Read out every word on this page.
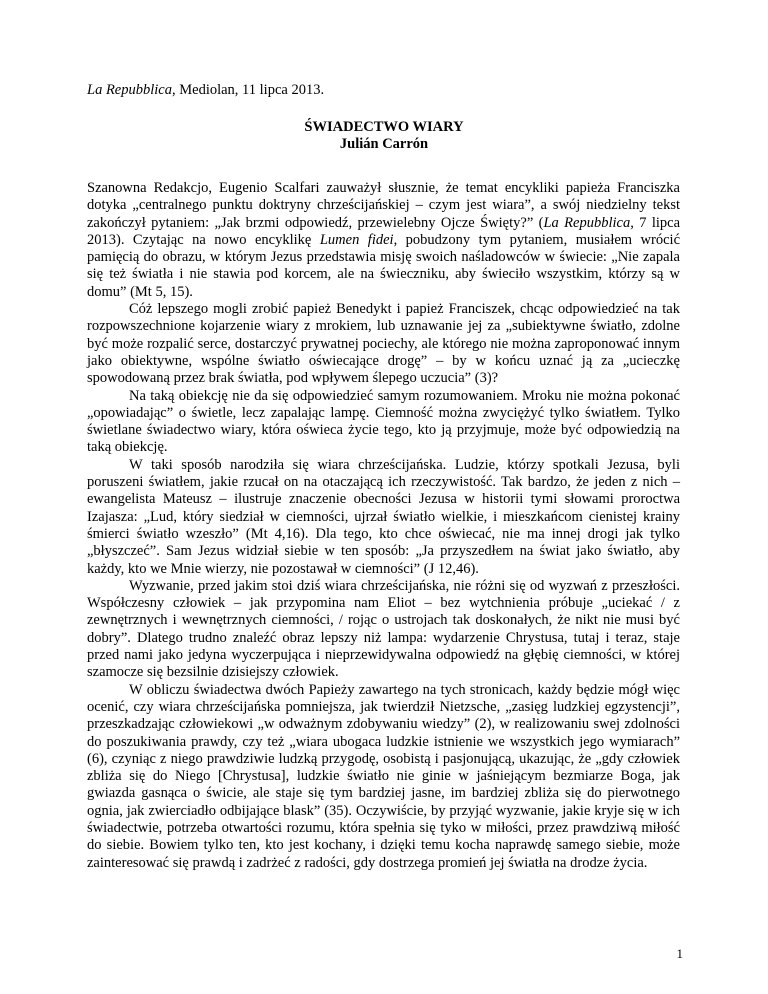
La Repubblica, Mediolan, 11 lipca 2013.
ŚWIADECTWO WIARY
Julián Carrón

Szanowna Redakcjo, Eugenio Scalfari zauważył słusznie, że temat encykliki papieża Franciszka dotyka „centralnego punktu doktryny chrześcijańskiej – czym jest wiara”, a swój niedzielny tekst zakończył pytaniem: „Jak brzmi odpowiedź, przewielebny Ojcze Święty?” (La Repubblica, 7 lipca 2013). Czytając na nowo encyklikę Lumen fidei, pobudzony tym pytaniem, musiałem wrócić pamięcią do obrazu, w którym Jezus przedstawia misję swoich naśladowców w świecie: „Nie zapala się też światła i nie stawia pod korcem, ale na świeczniku, aby świeciło wszystkim, którzy są w domu” (Mt 5, 15).

Cóż lepszego mogli zrobić papież Benedykt i papież Franciszek, chcąc odpowiedzieć na tak rozpowszechnione kojarzenie wiary z mrokiem, lub uznawanie jej za „subiektywne światło, zdolne być może rozpalić serce, dostarczyć prywatnej pociechy, ale którego nie można zaproponować innym jako obiektywne, wspólne światło oświecające drogę” – by w końcu uznać ją za „ucieczkę spowodowaną przez brak światła, pod wpływem ślepego uczucia” (3)?

Na taką obiekcję nie da się odpowiedzieć samym rozumowaniem. Mroku nie można pokonać „opowiadając” o świetle, lecz zapalając lampę. Ciemność można zwyciężyć tylko światłem. Tylko świetlane świadectwo wiary, która oświeca życie tego, kto ją przyjmuje, może być odpowiedzią na taką obiekcję.

W taki sposób narodziła się wiara chrześcijańska. Ludzie, którzy spotkali Jezusa, byli poruszeni światłem, jakie rzucał on na otaczającą ich rzeczywistość. Tak bardzo, że jeden z nich – ewangelista Mateusz – ilustruje znaczenie obecności Jezusa w historii tymi słowami proroctwa Izajasza: „Lud, który siedział w ciemności, ujrzał światło wielkie, i mieszkańcom cienistej krainy śmierci światło wzeszło” (Mt 4,16). Dla tego, kto chce oświecać, nie ma innej drogi jak tylko „błyszczeć”. Sam Jezus widział siebie w ten sposób: „Ja przyszedłem na świat jako światło, aby każdy, kto we Mnie wierzy, nie pozostawał w ciemności” (J 12,46).

Wyzwanie, przed jakim stoi dziś wiara chrześcijańska, nie różni się od wyzwań z przeszłości. Współczesny człowiek – jak przypomina nam Eliot – bez wytchnienia próbuje „uciekać / z zewnętrznych i wewnętrznych ciemności, / rojąc o ustrojach tak doskonałych, że nikt nie musi być dobry”. Dlatego trudno znaleźć obraz lepszy niż lampa: wydarzenie Chrystusa, tutaj i teraz, staje przed nami jako jedyna wyczerpująca i nieprzewidywalna odpowiedź na głębię ciemności, w której szamocze się bezsilnie dzisiejszy człowiek.

W obliczu świadectwa dwóch Papieży zawartego na tych stronicach, każdy będzie mógł więc ocenić, czy wiara chrześcijańska pomniejsza, jak twierdził Nietzsche, „zasięg ludzkiej egzystencji”, przeszkadzając człowiekowi „w odważnym zdobywaniu wiedzy” (2), w realizowaniu swej zdolności do poszukiwania prawdy, czy też „wiara ubogaca ludzkie istnienie we wszystkich jego wymiarach” (6), czyniąc z niego prawdziwie ludzką przygodę, osobistą i pasjonującą, ukazując, że „gdy człowiek zbliża się do Niego [Chrystusa], ludzkie światło nie ginie w jaśniejącym bezmiarze Boga, jak gwiazda gasnąca o świcie, ale staje się tym bardziej jasne, im bardziej zbliża się do pierwotnego ognia, jak zwierciadło odbijające blask” (35). Oczywiście, by przyjąć wyzwanie, jakie kryje się w ich świadectwie, potrzeba otwartości rozumu, która spełnia się tyko w miłości, przez prawdziwą miłość do siebie. Bowiem tylko ten, kto jest kochany, i dzięki temu kocha naprawdę samego siebie, może zainteresować się prawdą i zadrżeć z radości, gdy dostrzega promień jej światła na drodze życia.

1
